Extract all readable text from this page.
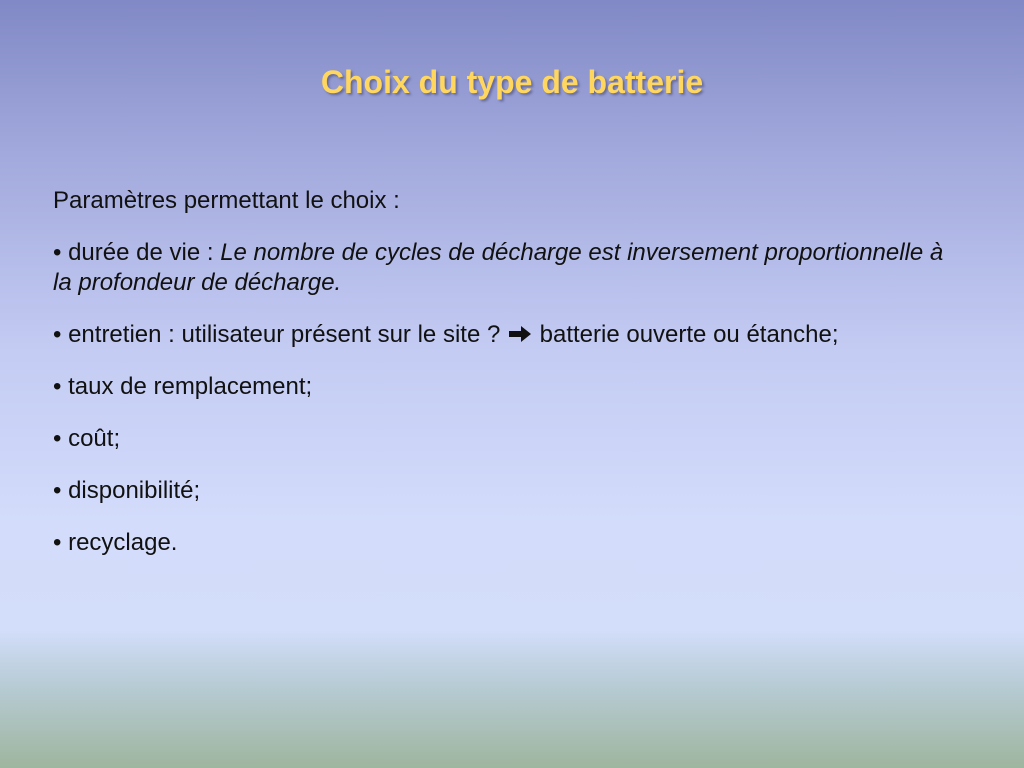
Choix du type de batterie

Paramètres permettant le choix :

• durée de vie : Le nombre de cycles de décharge est inversement proportionnelle à la profondeur de décharge.

• entretien : utilisateur présent sur le site ?  batterie ouverte ou étanche;

• taux de remplacement;

• coût;

• disponibilité;

• recyclage.
